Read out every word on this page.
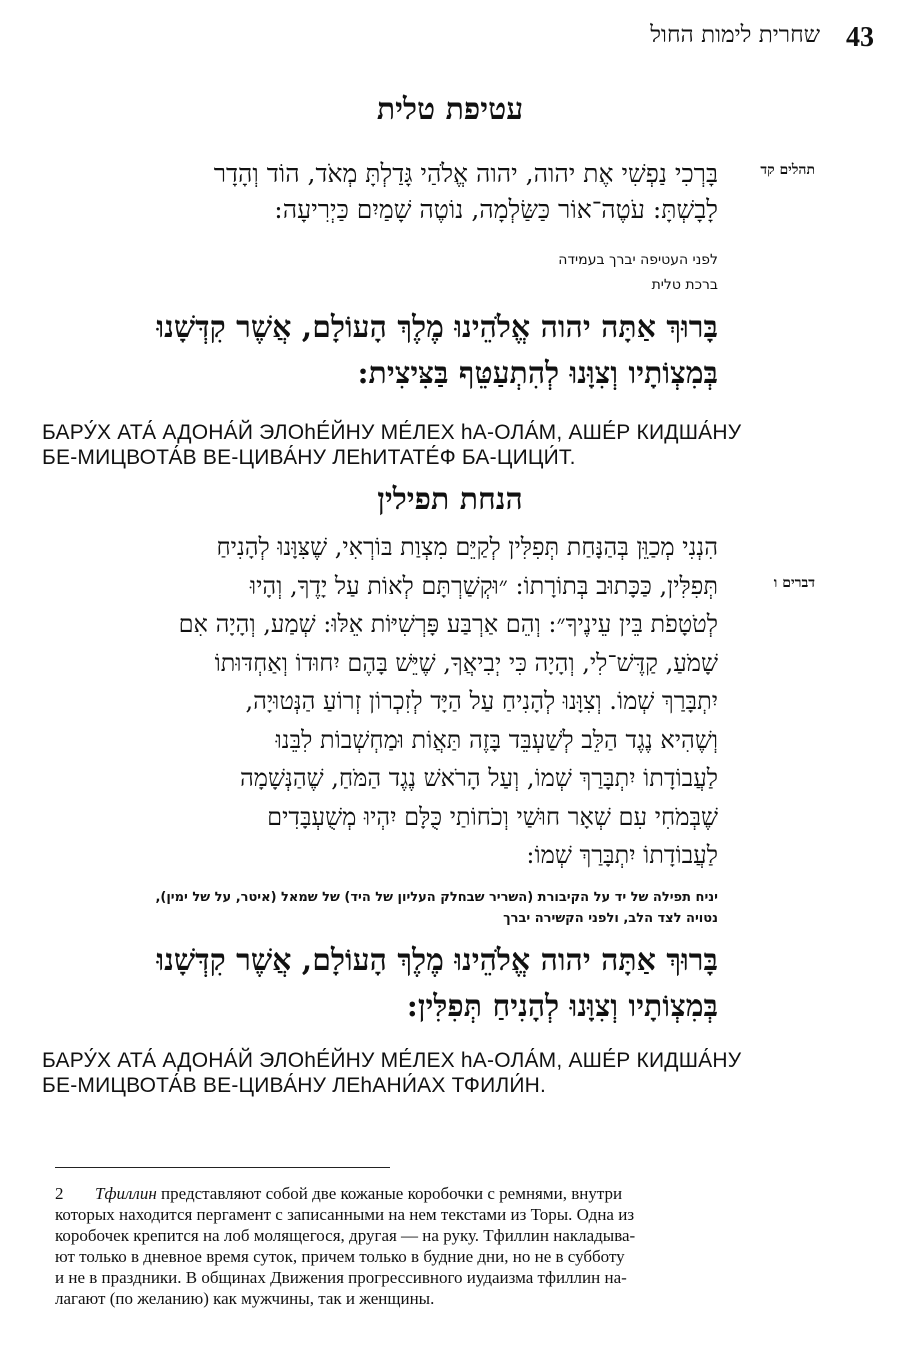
43
שחרית לימות החול
עטיפת טלית
תהלים קד
בָּרְכִי נַפְשִׁי אֶת יהוה, יהוה אֱלֹהַי גָּדַלְתָּ מְאֹד, הוֹד וְהָדָר
לָבָשְׁתָּ: עֹטֶה־אוֹר כַּשַּׂלְמָה, נוֹטֶה שָׁמַיִם כַּיְרִיעָה:
לפני העטיפה יברך בעמידה
ברכת טלית
בָּרוּךְ אַתָּה יהוה אֱלֹהֵינוּ מֶלֶךְ הָעוֹלָם, אֲשֶׁר קִדְּשָׁנוּ
בְּמִצְוֹתָיו וְצִוָּנוּ לְהִתְעַטֵּף בַּצִּיצִית:
БАРУ́Х АТА́ АДОНА́Й ЭЛОhЕ́ЙНУ МЕ́ЛЕХ hА-ОЛА́М, АШЕ́Р КИДША́НУ
БЕ-МИЦВОТА́В ВЕ-ЦИВА́НУ ЛЕhИТАТЕ́Ф БА-ЦИЦИ́Т.
הנחת תפילין
דברים ו
הִנְנִי מְכַוֵּן בְּהַנָּחַת תְּפִלִּין לְקַיֵּם מִצְוַת בּוֹרְאִי, שֶׁצִּוָּנוּ לְהָנִיחַ
תְּפִלִּין, כַּכָּתוּב בְּתוֹרָתוֹ: ״וּקְשַׁרְתָּם לְאוֹת עַל יָדֶךָ, וְהָיוּ
לְטֹטָפֹת בֵּין עֵינֶיךָ״: וְהֵם אַרְבַּע פָּרְשִׁיּוֹת אֵלּוּ: שְׁמַע, וְהָיָה אִם
שָׁמֹעַ, קַדֶּשׁ־לִי, וְהָיָה כִּי יְבִיאֲךָ, שֶׁיֵּשׁ בָּהֶם יִחוּדוֹ וְאַחְדּוּתוֹ
יִתְבָּרַךְ שְׁמוֹ. וְצִוָּנוּ לְהָנִיחַ עַל הַיָּד לְזִכְרוֹן זְרוֹעַ הַנְּטוּיָה,
וְשֶׁהִיא נֶגֶד הַלֵּב לְשַׁעְבֵּד בָּזֶה תַּאֲוֹת וּמַחְשְׁבוֹת לִבֵּנוּ
לַעֲבוֹדָתוֹ יִתְבָּרַךְ שְׁמוֹ, וְעַל הָרֹאשׁ נֶגֶד הַמֹּחַ, שֶׁהַנְּשָׁמָה
שֶׁבְּמֹחִי עִם שְׁאָר חוּשַׁי וְכֹחוֹתַי כֻּלָּם יִהְיוּ מְשֻׁעְבָּדִים
לַעֲבוֹדָתוֹ יִתְבָּרַךְ שְׁמוֹ:
יניח תפילה של יד על הקיבורת (השריר שבחלק העליון של היד) של שמאל (איטר, על של ימין),
נטויה לצד הלב, ולפני הקשירה יברך
בָּרוּךְ אַתָּה יהוה אֱלֹהֵינוּ מֶלֶךְ הָעוֹלָם, אֲשֶׁר קִדְּשָׁנוּ
בְּמִצְוֹתָיו וְצִוָּנוּ לְהָנִיחַ תְּפִלִּין:
БАРУ́Х АТА́ АДОНА́Й ЭЛОhЕ́ЙНУ МЕ́ЛЕХ hА-ОЛА́М, АШЕ́Р КИДША́НУ
БЕ-МИЦВОТА́В ВЕ-ЦИВА́НУ ЛЕhАНИ́АХ ТФИЛИ́Н.
2 Тфиллин представляют собой две кожаные коробочки с ремнями, внутри
которых находится пергамент с записанными на нем текстами из Торы. Одна из
коробочек крепится на лоб молящегося, другая — на руку. Тфиллин накладыва-
ют только в дневное время суток, причем только в будние дни, но не в субботу
и не в праздники. В общинах Движения прогрессивного иудаизма тфиллин на-
лагают (по желанию) как мужчины, так и женщины.
